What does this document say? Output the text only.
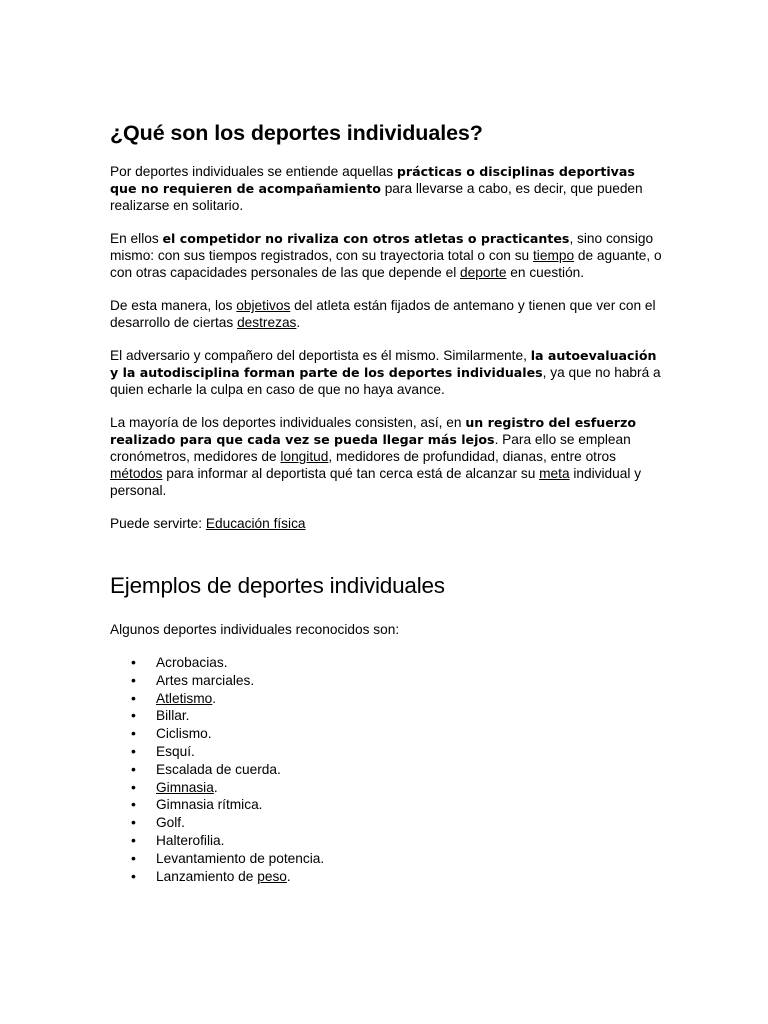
¿Qué son los deportes individuales?

Por deportes individuales se entiende aquellas prácticas o disciplinas deportivas que no requieren de acompañamiento para llevarse a cabo, es decir, que pueden realizarse en solitario.

En ellos el competidor no rivaliza con otros atletas o practicantes, sino consigo mismo: con sus tiempos registrados, con su trayectoria total o con su tiempo de aguante, o con otras capacidades personales de las que depende el deporte en cuestión.

De esta manera, los objetivos del atleta están fijados de antemano y tienen que ver con el desarrollo de ciertas destrezas.

El adversario y compañero del deportista es él mismo. Similarmente, la autoevaluación y la autodisciplina forman parte de los deportes individuales, ya que no habrá a quien echarle la culpa en caso de que no haya avance.

La mayoría de los deportes individuales consisten, así, en un registro del esfuerzo realizado para que cada vez se pueda llegar más lejos. Para ello se emplean cronómetros, medidores de longitud, medidores de profundidad, dianas, entre otros métodos para informar al deportista qué tan cerca está de alcanzar su meta individual y personal.

Puede servirte: Educación física

Ejemplos de deportes individuales

Algunos deportes individuales reconocidos son:

• Acrobacias.
• Artes marciales.
• Atletismo.
• Billar.
• Ciclismo.
• Esquí.
• Escalada de cuerda.
• Gimnasia.
• Gimnasia rítmica.
• Golf.
• Halterofilia.
• Levantamiento de potencia.
• Lanzamiento de peso.
